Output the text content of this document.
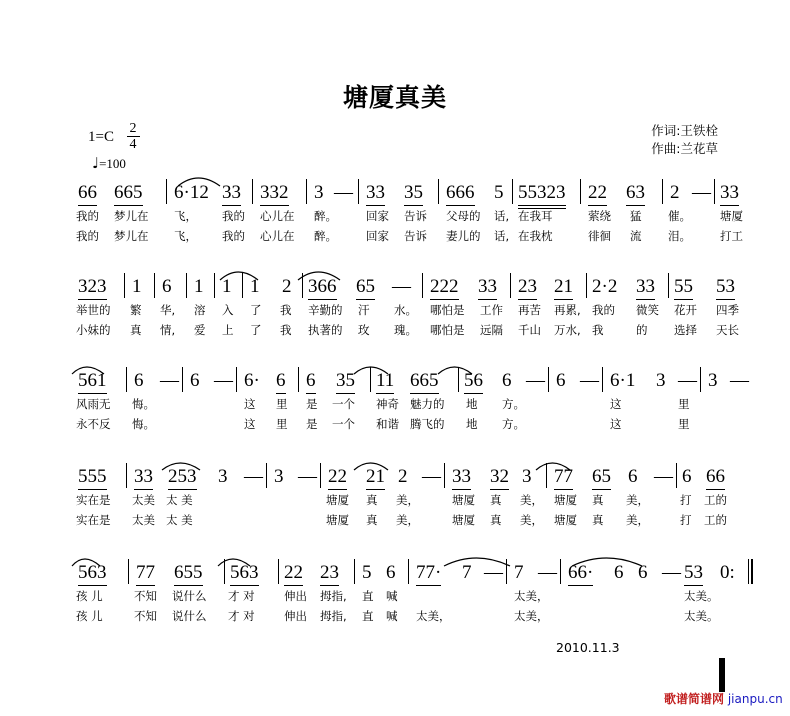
塘厦真美
1=C
2
4
♩=100
作词:王铁栓
作曲:兰花草
66 665 6·12 33 332 3 — 33 35 666 5 55323 22 63 2 — 33
我的 梦儿在 飞， 我的 心儿在 醉。	回家 告诉 父母的 话, 在我耳	萦绕 猛 催。	塘厦
我的 梦儿在 飞， 我的 心儿在 醉。	回家 告诉 妻儿的 话, 在我枕	徘徊 流 泪。	打工
323 1 6 1 1 1 2 366 65 — 222 33 23 21 2·2 33 55 53
举世的 繁 华, 溶 入 了 我 辛勤的 汗 水。 哪怕是 工作 再苦 再累, 我的 微笑 花开 四季
小妹的 真 情, 爱 上 了 我 执著的 玫 瑰。 哪怕是 远隔 千山 万水, 我	的 选择 天长
561 6 — 6 — 6· 6 6 35 11 665 56 6 — 6 — 6·1 3 — 3 —
风雨无 悔。	这 里 是 一个 神奇 魅力的 地 方。	这	里
永不反 悔。	这 里 是 一个 和谐 腾飞的 地 方。	这	里
555 33 253 3 — 3 — 22 21 2 — 33 32 3 77 65 6 — 6 66
实在是 太美 太 美	塘厦 真 美，	塘厦 真 美， 塘厦 真 美，	打 工的
实在是 太美 太 美	塘厦 真 美，	塘厦 真 美， 塘厦 真 美，	打 工的
563 77 655 563 22 23 5 6 77· 7 — 7 — 66· 6 6 — 53 0:
孩 儿	不知 说什么 才 对	伸出 拇指, 直 喊	太美，	太美。
孩 儿	不知 说什么 才 对	伸出 拇指, 直 喊 太美，	太美，	太美。
2010.11.3
歌谱简谱网 jianpu.cn
